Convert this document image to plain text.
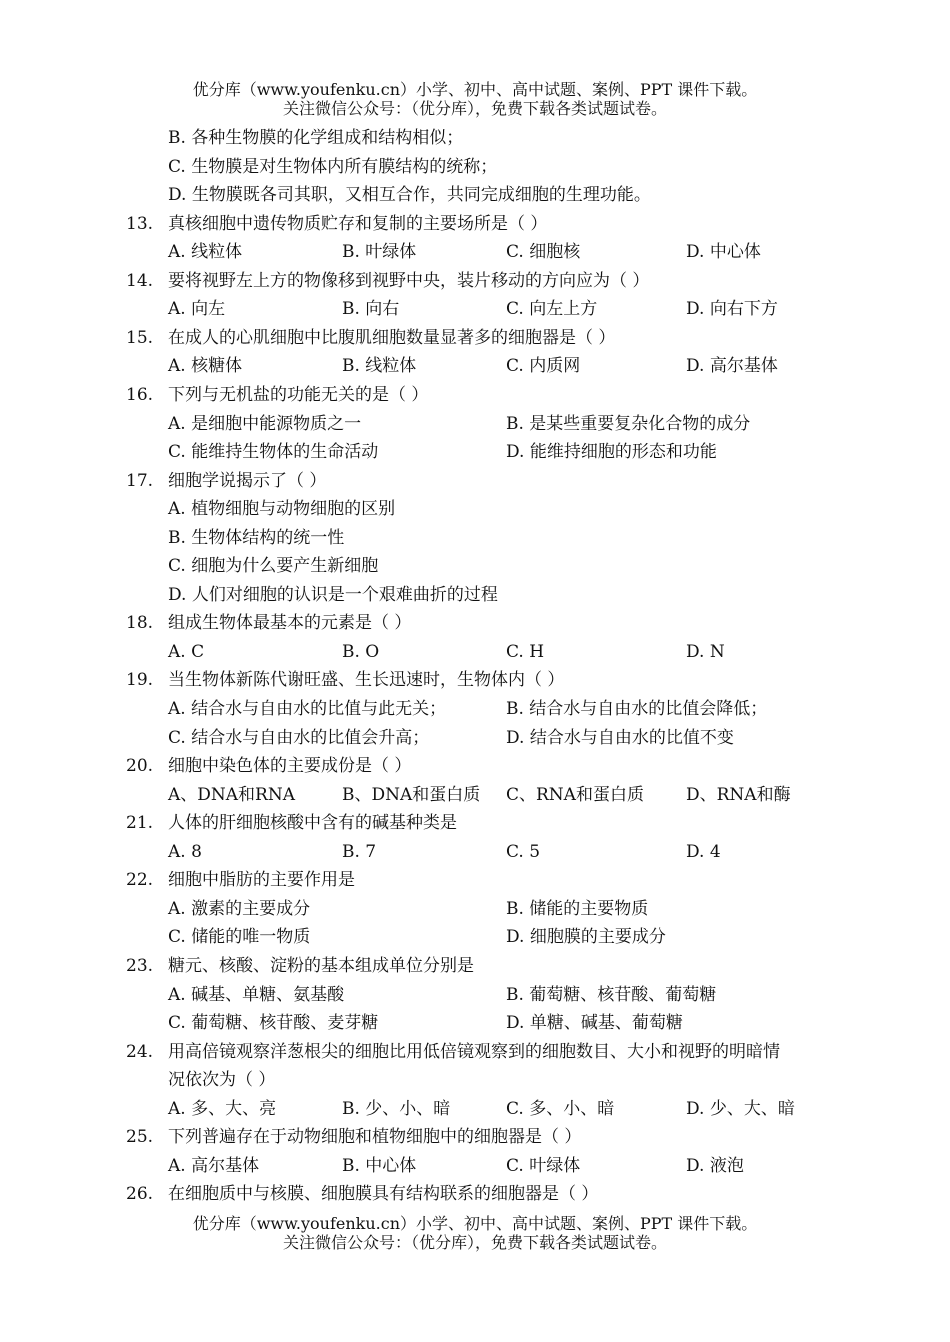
优分库（www.youfenku.cn）小学、初中、高中试题、案例、PPT 课件下载。
关注微信公众号：（优分库），免费下载各类试题试卷。
B. 各种生物膜的化学组成和结构相似；
C. 生物膜是对生物体内所有膜结构的统称；
D. 生物膜既各司其职，又相互合作，共同完成细胞的生理功能。
13. 真核细胞中遗传物质贮存和复制的主要场所是（ ）
A. 线粒体	B. 叶绿体	C. 细胞核	D. 中心体
14. 要将视野左上方的物像移到视野中央，装片移动的方向应为（ ）
A. 向左	B. 向右	C. 向左上方	D. 向右下方
15. 在成人的心肌细胞中比腹肌细胞数量显著多的细胞器是（ ）
A. 核糖体	B. 线粒体	C. 内质网	D. 高尔基体
16. 下列与无机盐的功能无关的是（ ）
A. 是细胞中能源物质之一	B. 是某些重要复杂化合物的成分
C. 能维持生物体的生命活动	D. 能维持细胞的形态和功能
17. 细胞学说揭示了（ ）
A. 植物细胞与动物细胞的区别
B. 生物体结构的统一性
C. 细胞为什么要产生新细胞
D. 人们对细胞的认识是一个艰难曲折的过程
18. 组成生物体最基本的元素是（ ）
A. C	B. O	C. H	D. N
19. 当生物体新陈代谢旺盛、生长迅速时，生物体内（ ）
A. 结合水与自由水的比值与此无关；	B. 结合水与自由水的比值会降低；
C. 结合水与自由水的比值会升高；	D. 结合水与自由水的比值不变
20. 细胞中染色体的主要成份是（ ）
A、DNA和RNA	B、DNA和蛋白质 C、RNA和蛋白质 D、RNA和酶
21. 人体的肝细胞核酸中含有的碱基种类是
A. 8	B. 7	C. 5	D. 4
22. 细胞中脂肪的主要作用是
A. 激素的主要成分	B. 储能的主要物质
C. 储能的唯一物质	D. 细胞膜的主要成分
23. 糖元、核酸、淀粉的基本组成单位分别是
A. 碱基、单糖、氨基酸	B. 葡萄糖、核苷酸、葡萄糖
C. 葡萄糖、核苷酸、麦芽糖	D. 单糖、碱基、葡萄糖
24. 用高倍镜观察洋葱根尖的细胞比用低倍镜观察到的细胞数目、大小和视野的明暗情
况依次为（ ）
A. 多、大、亮	B. 少、小、暗	C. 多、小、暗	D. 少、大、暗
25. 下列普遍存在于动物细胞和植物细胞中的细胞器是（ ）
A. 高尔基体	B. 中心体	C. 叶绿体	D. 液泡
26. 在细胞质中与核膜、细胞膜具有结构联系的细胞器是（ ）
优分库（www.youfenku.cn）小学、初中、高中试题、案例、PPT 课件下载。
关注微信公众号：（优分库），免费下载各类试题试卷。
